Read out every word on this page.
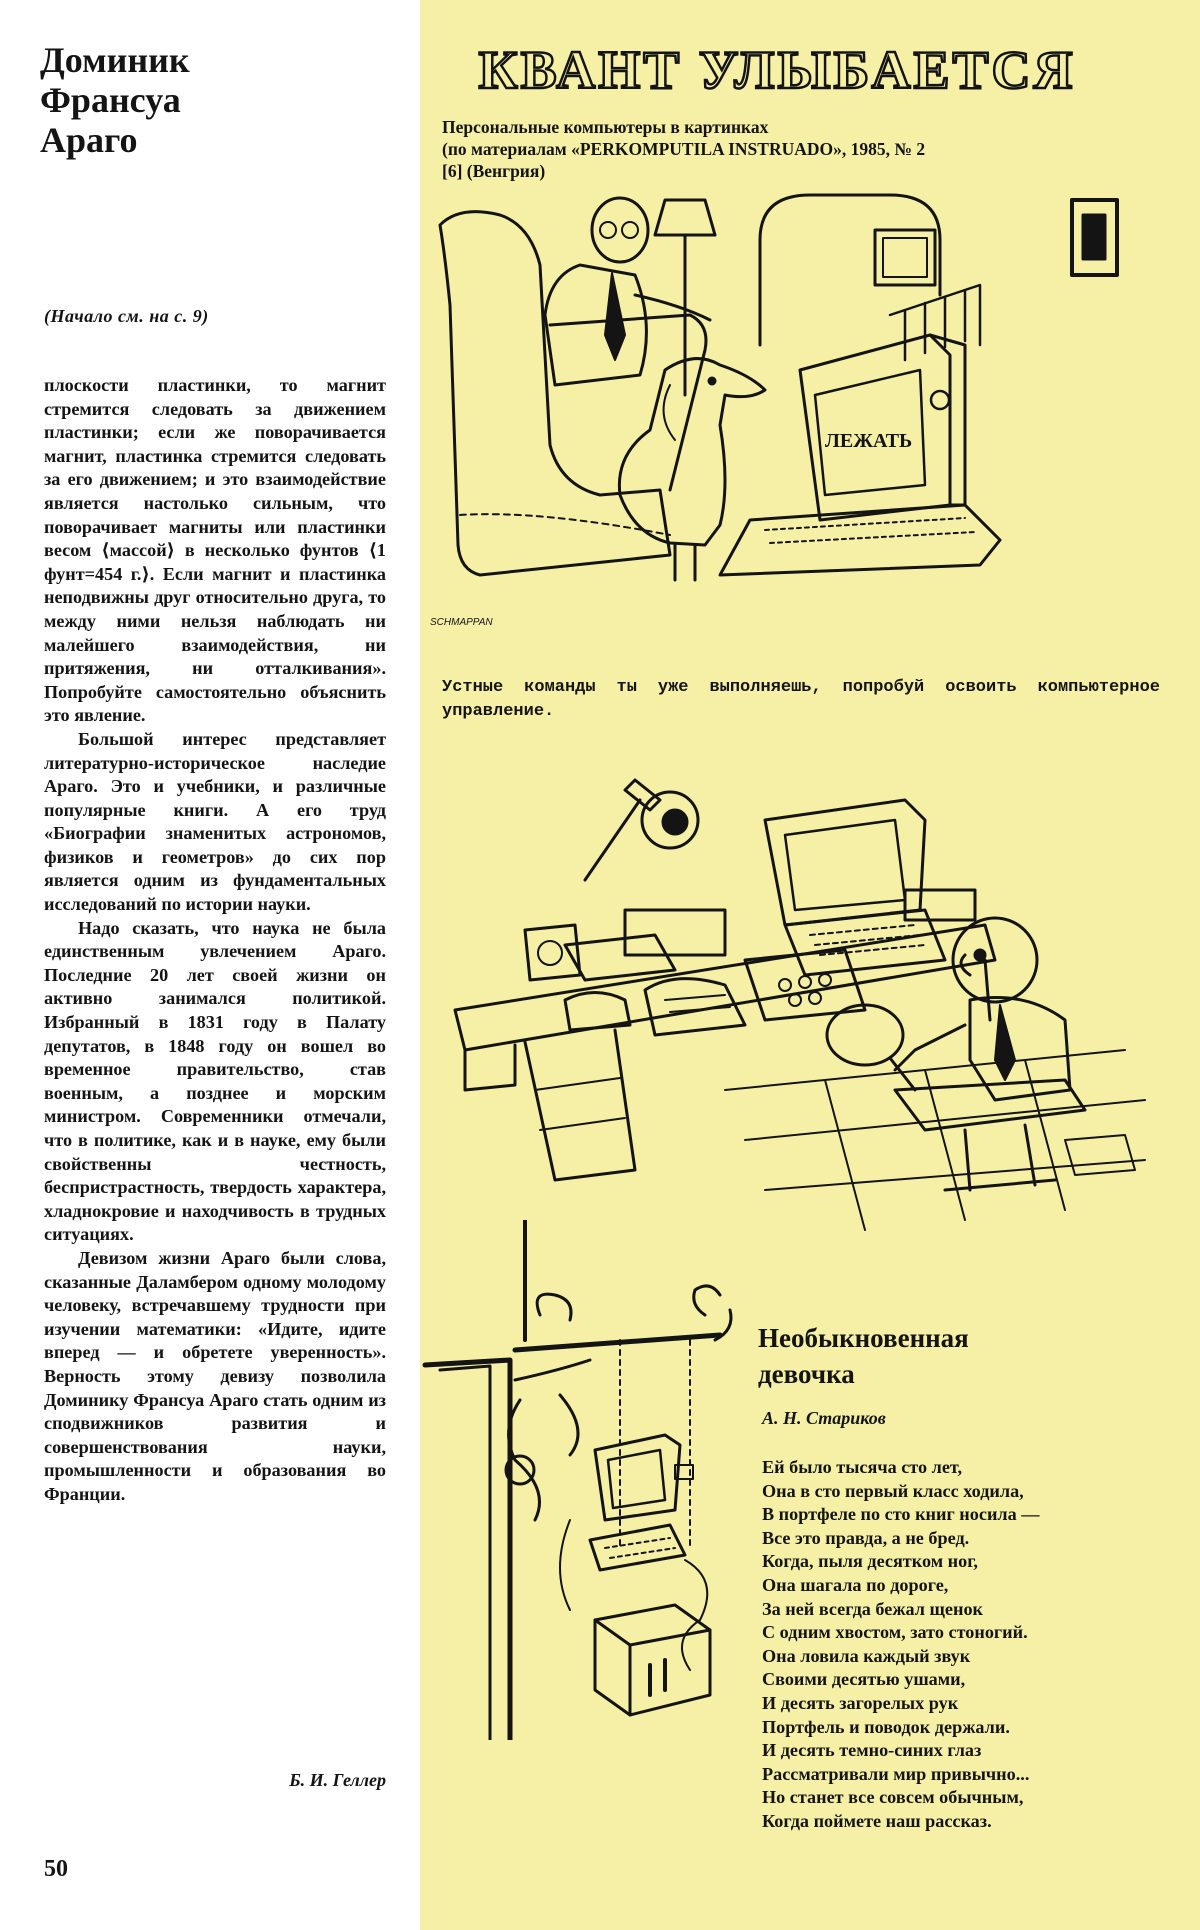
Доминик
Франсуа
Араго

(Начало см. на с. 9)

плоскости пластинки, то магнит стремится следовать за движением пластинки; если же поворачивается магнит, пластинка стремится следовать за его движением; и это взаимодействие является настолько сильным, что поворачивает магниты или пластинки весом ⟨массой⟩ в несколько фунтов ⟨1 фунт=454 г.⟩. Если магнит и пластинка неподвижны друг относительно друга, то между ними нельзя наблюдать ни малейшего взаимодействия, ни притяжения, ни отталкивания». Попробуйте самостоятельно объяснить это явление.

Большой интерес представляет литературно-историческое наследие Араго. Это и учебники, и различные популярные книги. А его труд «Биографии знаменитых астрономов, физиков и геометров» до сих пор является одним из фундаментальных исследований по истории науки.

Надо сказать, что наука не была единственным увлечением Араго. Последние 20 лет своей жизни он активно занимался политикой. Избранный в 1831 году в Палату депутатов, в 1848 году он вошел во временное правительство, став военным, а позднее и морским министром. Современники отмечали, что в политике, как и в науке, ему были свойственны честность, беспристрастность, твердость характера, хладнокровие и находчивость в трудных ситуациях.

Девизом жизни Араго были слова, сказанные Даламбером одному молодому человеку, встречавшему трудности при изучении математики: «Идите, идите вперед — и обретете уверенность». Верность этому девизу позволила Доминику Франсуа Араго стать одним из сподвижников развития и совершенствования науки, промышленности и образования во Франции.

Б. И. Геллер
50
КВАНТ УЛЫБАЕТСЯ
Персональные компьютеры в картинках
(по материалам «PERKOMPUTILA INSTRUADO», 1985, № 2
[6] (Венгрия)
ЛЕЖАТЬ
SCHMAPPAN
Устные команды ты уже выполняешь, попробуй освоить компьютерное управление.
Необыкновенная
девочка
А. Н. Стариков
Ей было тысяча сто лет,
Она в сто первый класс ходила,
В портфеле по сто книг носила —
Все это правда, а не бред.
Когда, пыля десятком ног,
Она шагала по дороге,
За ней всегда бежал щенок
С одним хвостом, зато стоногий.
Она ловила каждый звук
Своими десятью ушами,
И десять загорелых рук
Портфель и поводок держали.
И десять темно-синих глаз
Рассматривали мир привычно...
Но станет все совсем обычным,
Когда поймете наш рассказ.
